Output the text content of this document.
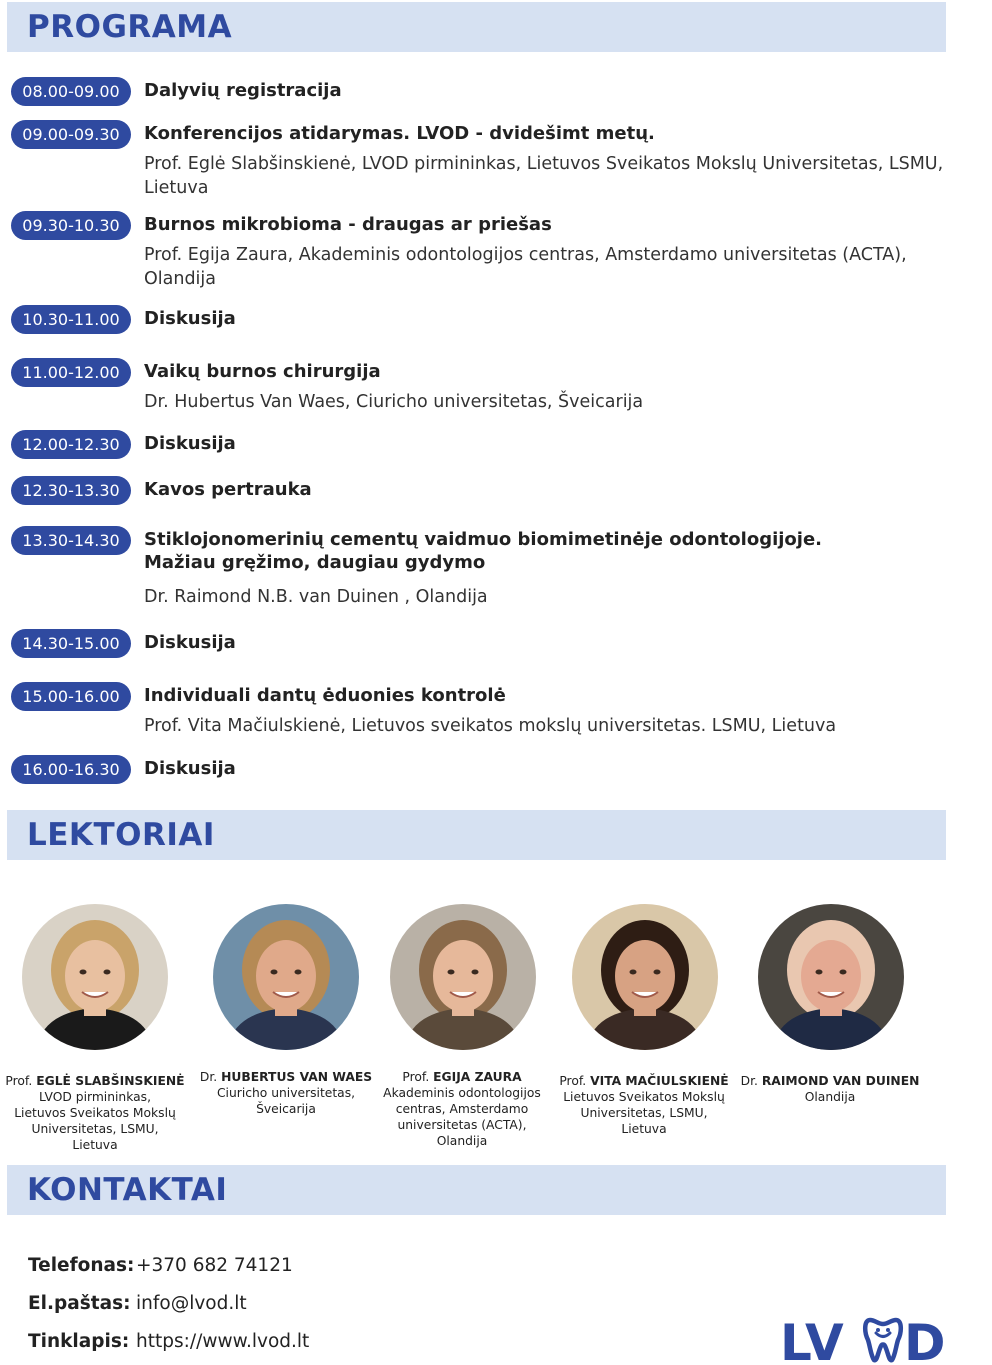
PROGRAMA
08.00-09.00	Dalyvių registracija
09.00-09.30	Konferencijos atidarymas. LVOD - dvidešimt metų.
Prof. Eglė Slabšinskienė, LVOD pirmininkas, Lietuvos Sveikatos Mokslų Universitetas, LSMU, Lietuva
09.30-10.30	Burnos mikrobioma - draugas ar priešas
Prof. Egija Zaura, Akademinis odontologijos centras, Amsterdamo universitetas (ACTA), Olandija
10.30-11.00	Diskusija
11.00-12.00	Vaikų burnos chirurgija
Dr. Hubertus Van Waes, Ciuricho universitetas, Šveicarija
12.00-12.30	Diskusija
12.30-13.30	Kavos pertrauka
13.30-14.30	Stiklojonomerinių cementų vaidmuo biomimetinėje odontologijoje.
Mažiau gręžimo, daugiau gydymo
Dr. Raimond N.B. van Duinen , Olandija
14.30-15.00	Diskusija
15.00-16.00	Individuali dantų ėduonies kontrolė
Prof. Vita Mačiulskienė, Lietuvos sveikatos mokslų universitetas. LSMU, Lietuva
16.00-16.30	Diskusija
LEKTORIAI
Prof. EGLĖ SLABŠINSKIENĖ
LVOD pirmininkas,
Lietuvos Sveikatos Mokslų
Universitetas, LSMU,
Lietuva
Dr. HUBERTUS VAN WAES
Ciuricho universitetas,
Šveicarija
Prof. EGIJA ZAURA
Akademinis odontologijos
centras, Amsterdamo
universitetas (ACTA),
Olandija
Prof. VITA MAČIULSKIENĖ
Lietuvos Sveikatos Mokslų
Universitetas, LSMU,
Lietuva
Dr. RAIMOND VAN DUINEN
Olandija
KONTAKTAI
Telefonas: +370 682 74121
El.paštas: info@lvod.lt
Tinklapis: https://www.lvod.lt	LV D
